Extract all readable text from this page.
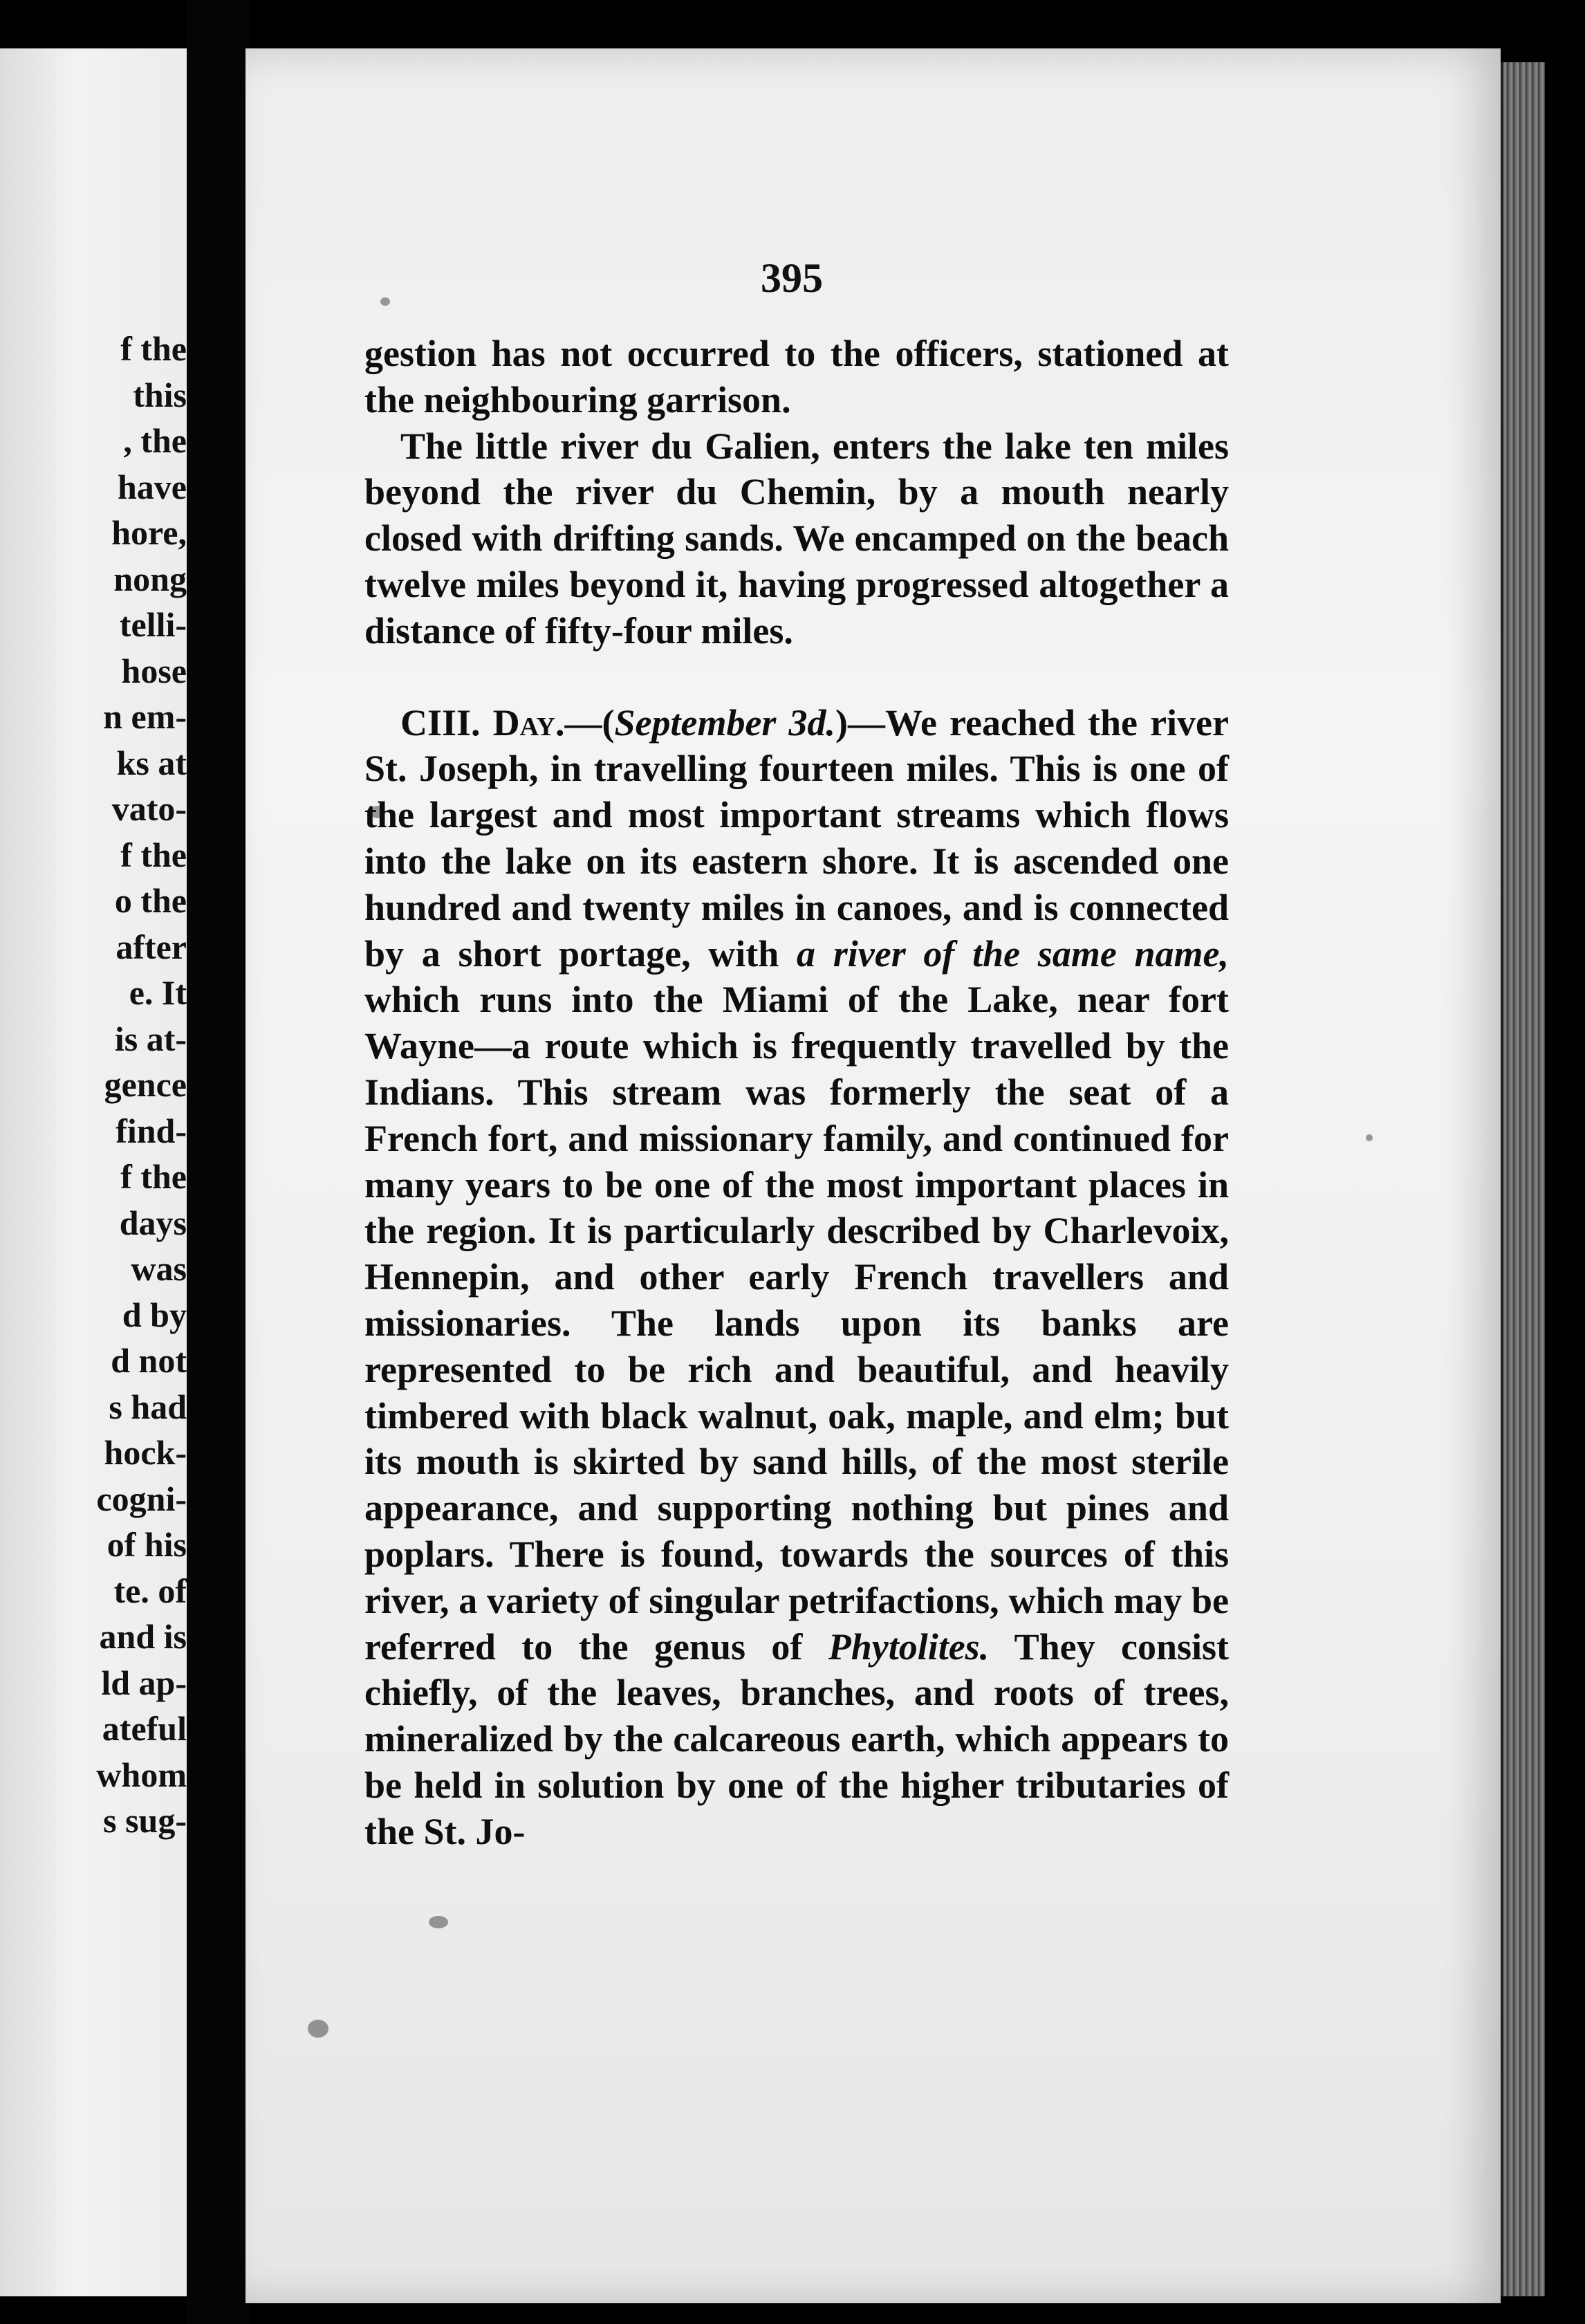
f the
this
, the
have
hore,
nong
telli-
hose
n em-
ks at
vato-
f the
o the
after
e. It
is at-
gence
find-
f the
days
was
d by
d not
s had
hock-
cogni-
of his
te. of
and is
ld ap-
ateful
whom
s sug-
395

gestion has not occurred to the officers, stationed at the neighbouring garrison.

The little river du Galien, enters the lake ten miles beyond the river du Chemin, by a mouth nearly closed with drifting sands. We encamped on the beach twelve miles beyond it, having progressed altogether a distance of fifty-four miles.

CIII. Day.—(September 3d.)—We reached the river St. Joseph, in travelling fourteen miles. This is one of the largest and most important streams which flows into the lake on its eastern shore. It is ascended one hundred and twenty miles in canoes, and is connected by a short portage, with a river of the same name, which runs into the Miami of the Lake, near fort Wayne—a route which is frequently travelled by the Indians. This stream was formerly the seat of a French fort, and missionary family, and continued for many years to be one of the most important places in the region. It is particularly described by Charlevoix, Hennepin, and other early French travellers and missionaries. The lands upon its banks are represented to be rich and beautiful, and heavily timbered with black walnut, oak, maple, and elm; but its mouth is skirted by sand hills, of the most sterile appearance, and supporting nothing but pines and poplars. There is found, towards the sources of this river, a variety of singular petrifactions, which may be referred to the genus of Phytolites. They consist chiefly, of the leaves, branches, and roots of trees, mineralized by the calcareous earth, which appears to be held in solution by one of the higher tributaries of the St. Jo-
